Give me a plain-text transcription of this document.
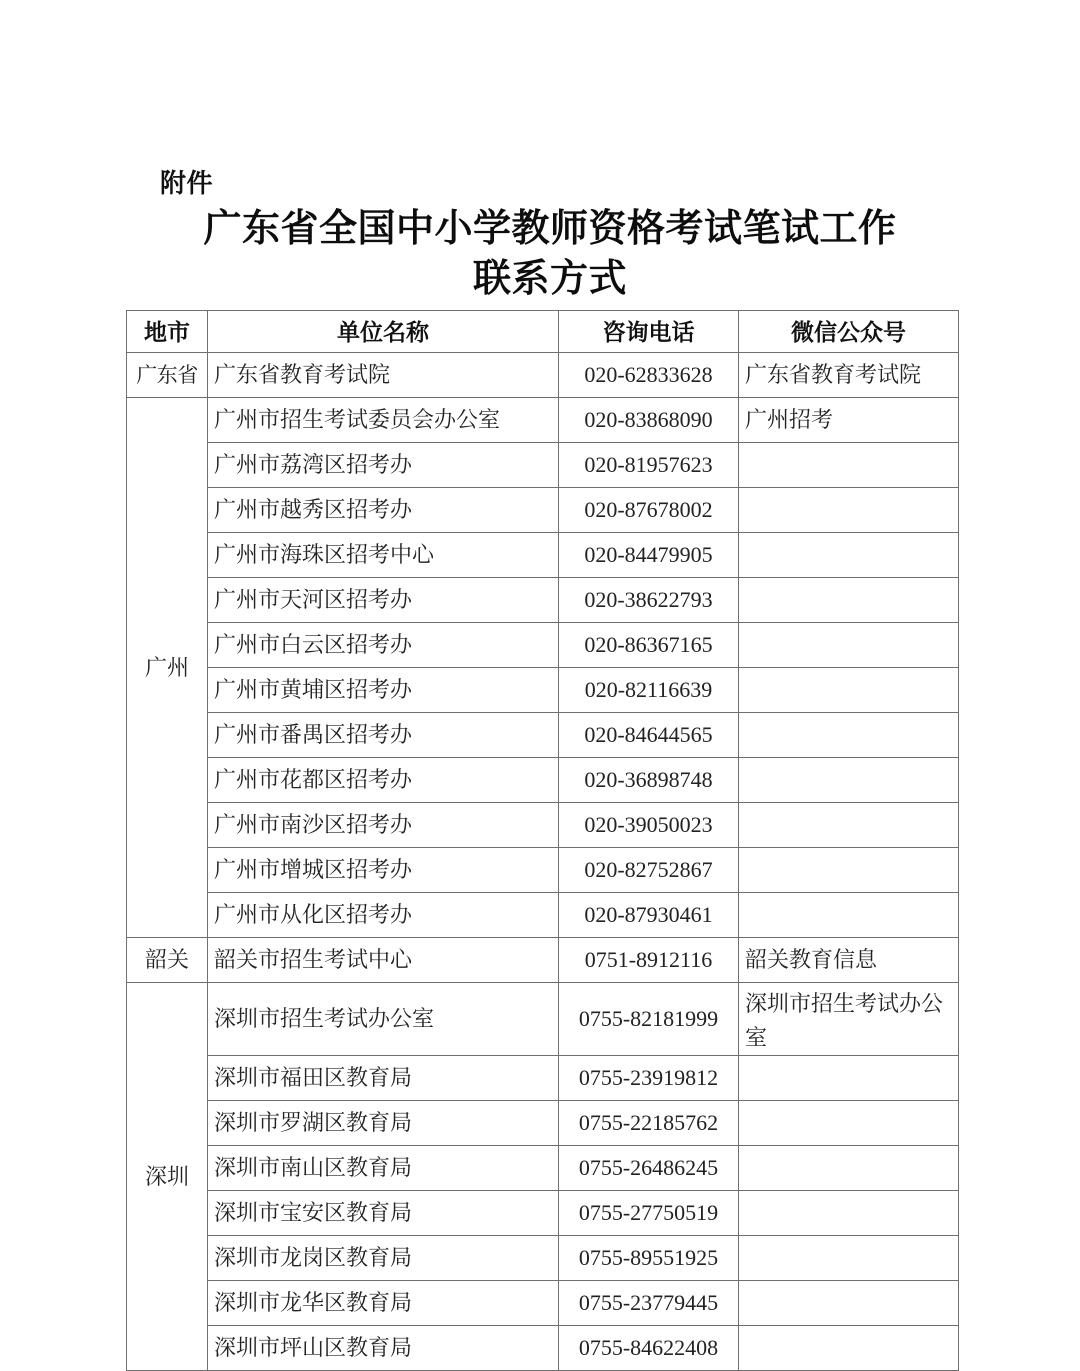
附件
广东省全国中小学教师资格考试笔试工作
联系方式
地市	单位名称	咨询电话	微信公众号
广东省	广东省教育考试院	020-62833628	广东省教育考试院
广州	广州市招生考试委员会办公室	020-83868090	广州招考
	广州市荔湾区招考办	020-81957623	
	广州市越秀区招考办	020-87678002	
	广州市海珠区招考中心	020-84479905	
	广州市天河区招考办	020-38622793	
	广州市白云区招考办	020-86367165	
	广州市黄埔区招考办	020-82116639	
	广州市番禺区招考办	020-84644565	
	广州市花都区招考办	020-36898748	
	广州市南沙区招考办	020-39050023	
	广州市增城区招考办	020-82752867	
	广州市从化区招考办	020-87930461	
韶关	韶关市招生考试中心	0751-8912116	韶关教育信息
深圳	深圳市招生考试办公室	0755-82181999	深圳市招生考试办公室
	深圳市福田区教育局	0755-23919812	
	深圳市罗湖区教育局	0755-22185762	
	深圳市南山区教育局	0755-26486245	
	深圳市宝安区教育局	0755-27750519	
	深圳市龙岗区教育局	0755-89551925	
	深圳市龙华区教育局	0755-23779445	
	深圳市坪山区教育局	0755-84622408	
